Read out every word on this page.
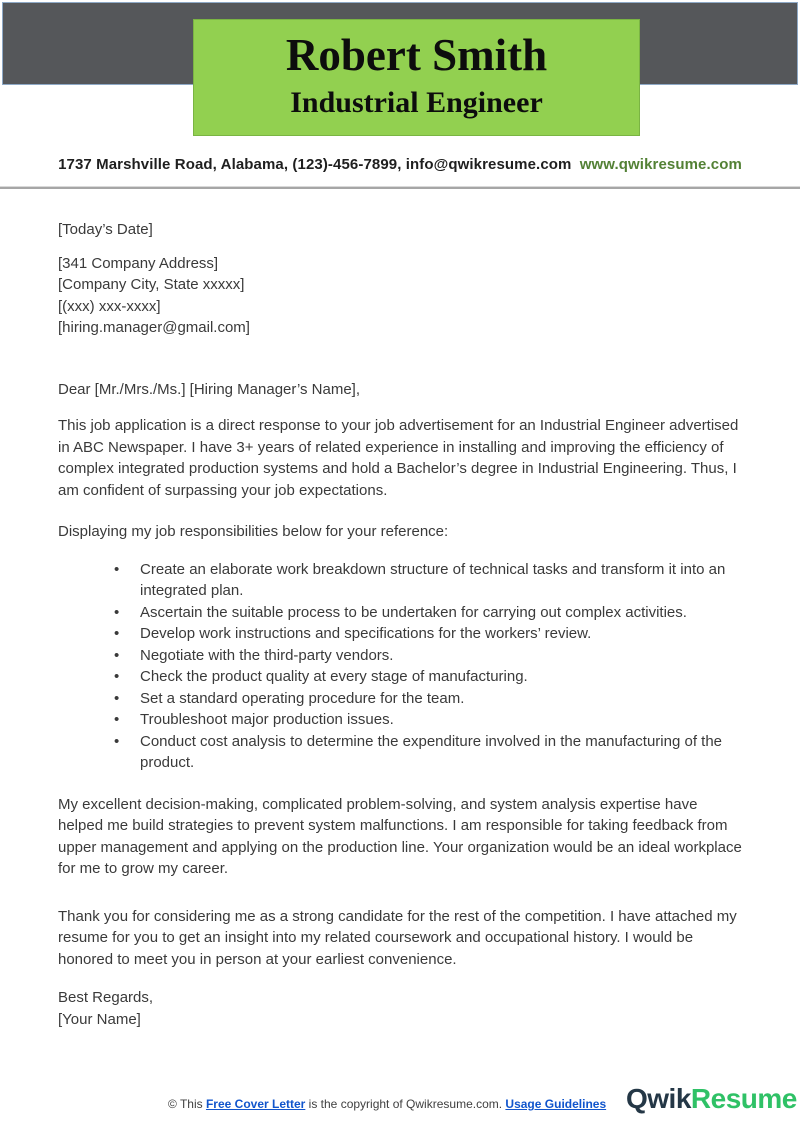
Robert Smith
Industrial Engineer
1737 Marshville Road, Alabama, (123)-456-7899, info@qwikresume.com www.qwikresume.com

[Today’s Date]

[341 Company Address]
[Company City, State xxxxx]
[(xxx) xxx-xxxx]
[hiring.manager@gmail.com]

Dear [Mr./Mrs./Ms.] [Hiring Manager’s Name],

This job application is a direct response to your job advertisement for an Industrial Engineer advertised in ABC Newspaper. I have 3+ years of related experience in installing and improving the efficiency of complex integrated production systems and hold a Bachelor’s degree in Industrial Engineering. Thus, I am confident of surpassing your job expectations.

Displaying my job responsibilities below for your reference:

• Create an elaborate work breakdown structure of technical tasks and transform it into an integrated plan.
• Ascertain the suitable process to be undertaken for carrying out complex activities.
• Develop work instructions and specifications for the workers’ review.
• Negotiate with the third-party vendors.
• Check the product quality at every stage of manufacturing.
• Set a standard operating procedure for the team.
• Troubleshoot major production issues.
• Conduct cost analysis to determine the expenditure involved in the manufacturing of the product.

My excellent decision-making, complicated problem-solving, and system analysis expertise have helped me build strategies to prevent system malfunctions. I am responsible for taking feedback from upper management and applying on the production line. Your organization would be an ideal workplace for me to grow my career.

Thank you for considering me as a strong candidate for the rest of the competition. I have attached my resume for you to get an insight into my related coursework and occupational history. I would be honored to meet you in person at your earliest convenience.

Best Regards,
[Your Name]

© This Free Cover Letter is the copyright of Qwikresume.com. Usage Guidelines QwikResume
